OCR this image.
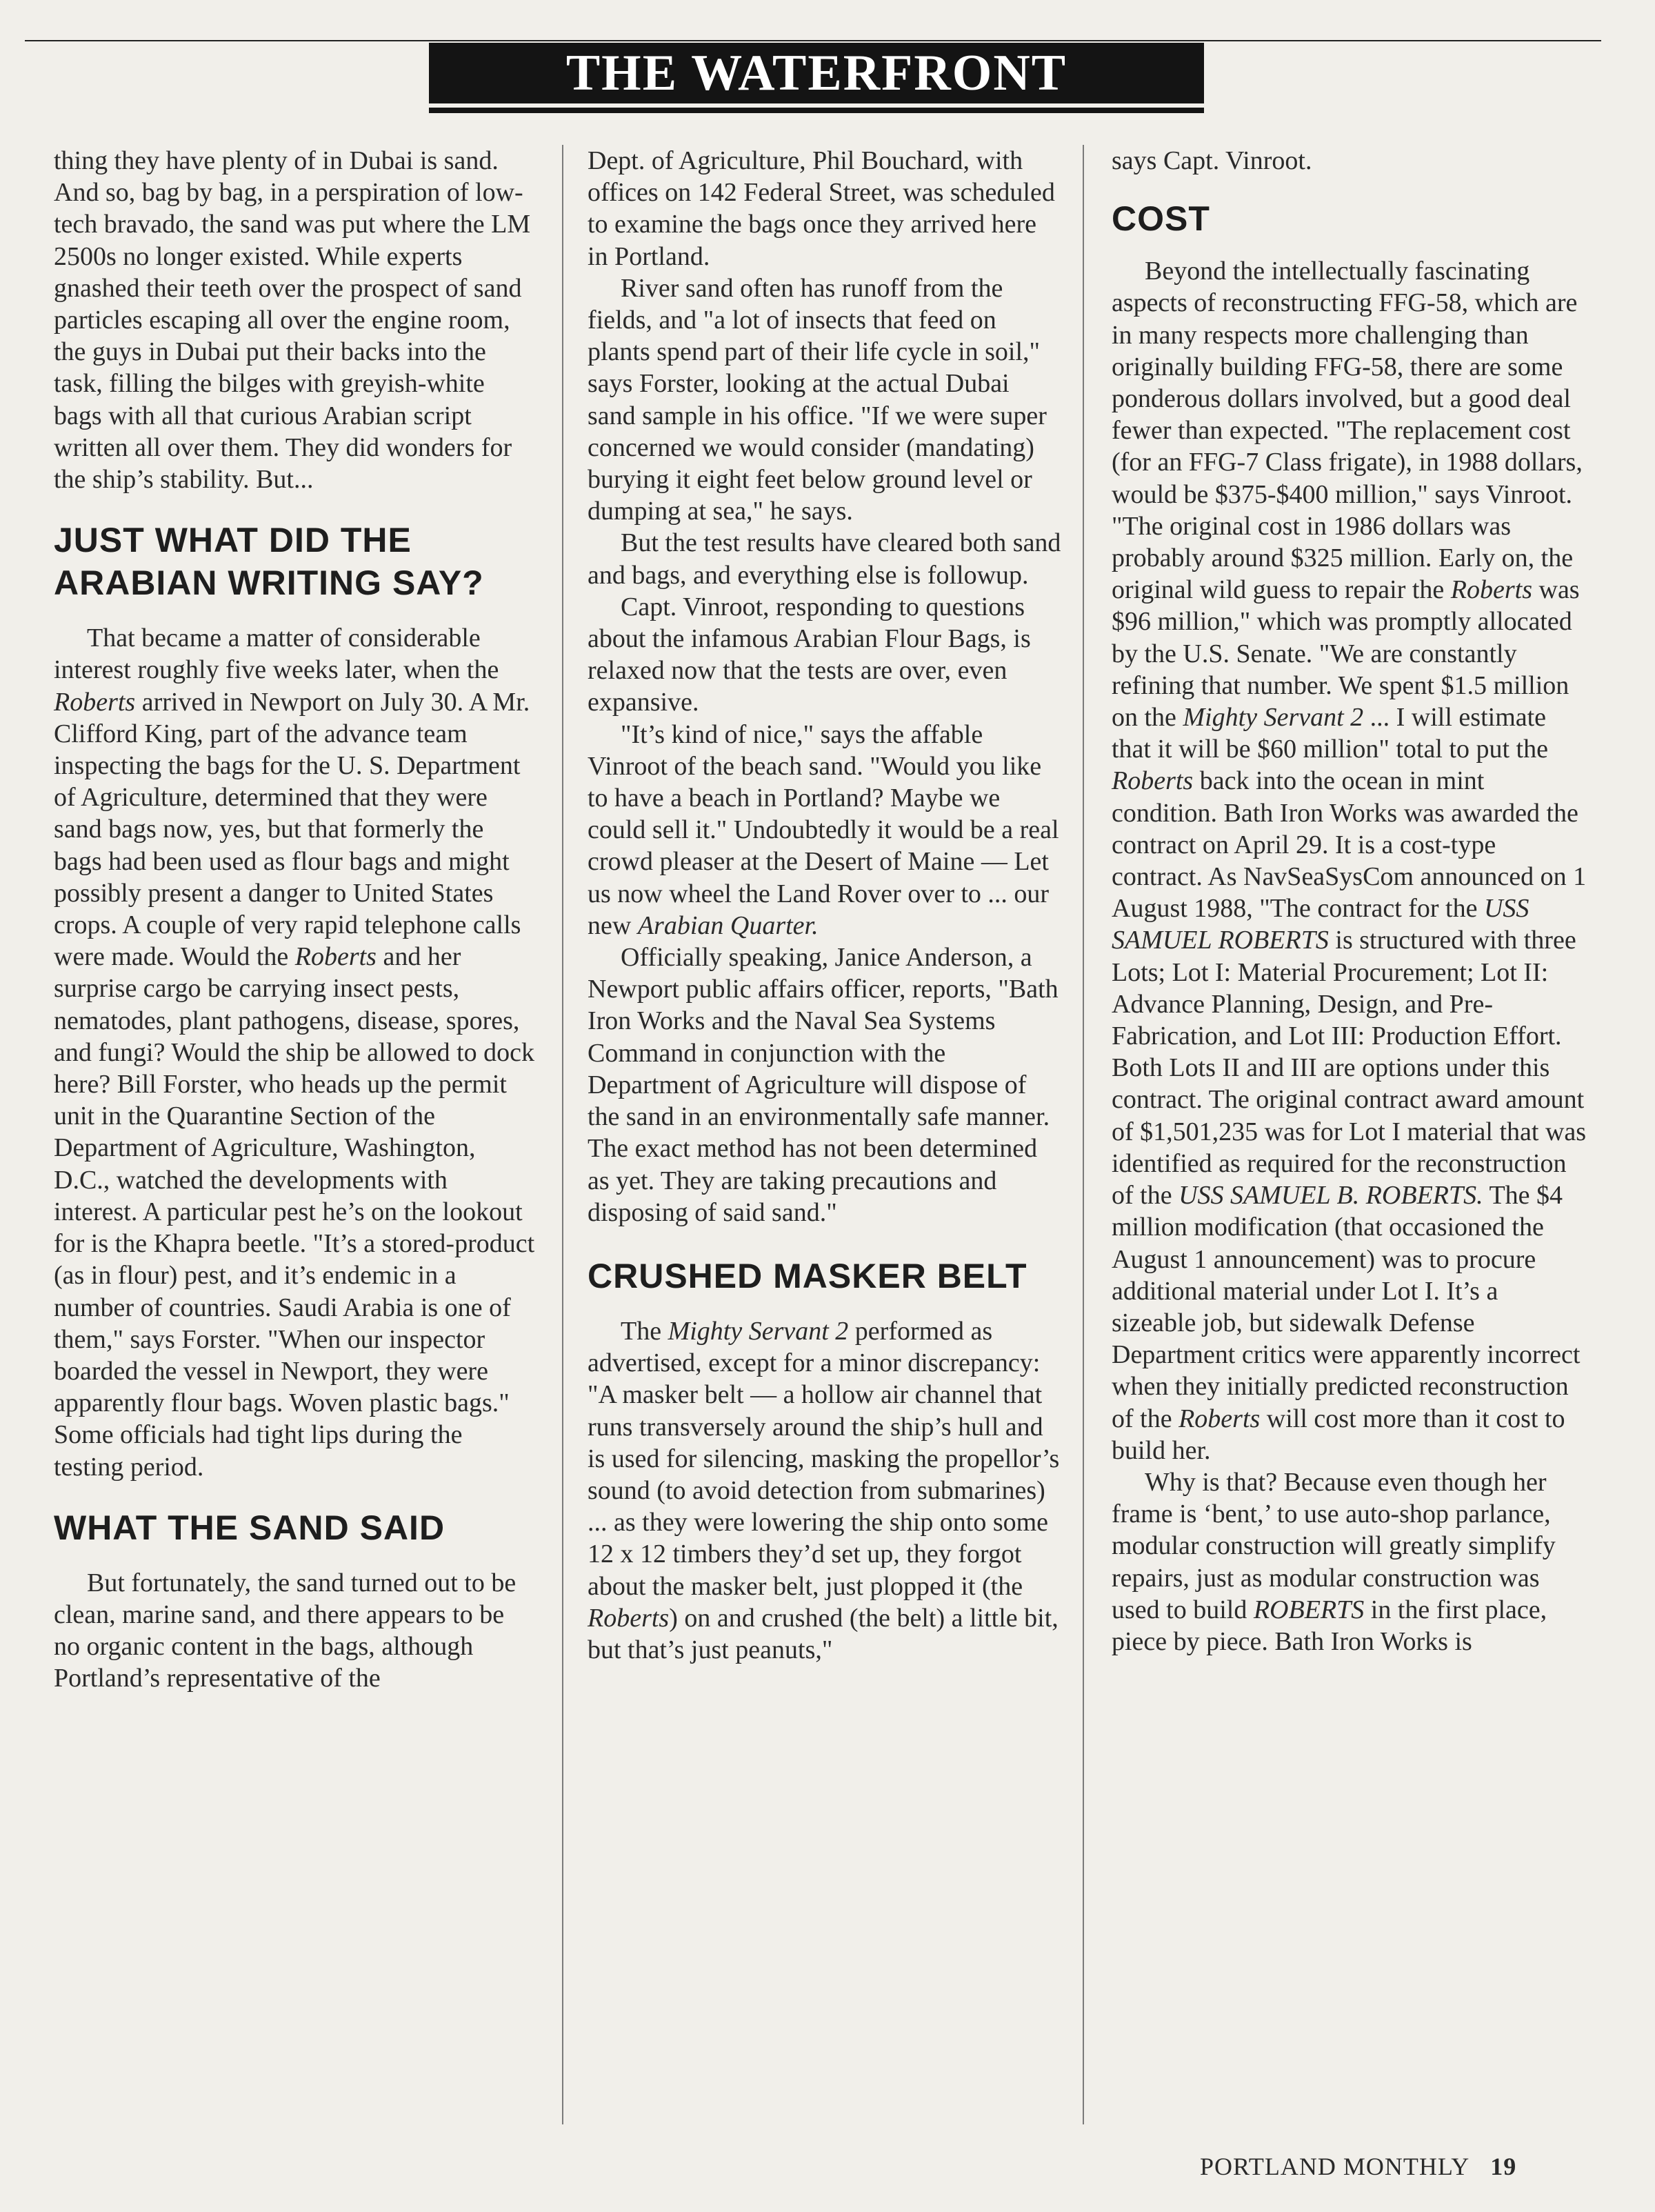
THE WATERFRONT

thing they have plenty of in Dubai is sand. And so, bag by bag, in a perspiration of low-tech bravado, the sand was put where the LM 2500s no longer existed. While experts gnashed their teeth over the prospect of sand particles escaping all over the engine room, the guys in Dubai put their backs into the task, filling the bilges with greyish-white bags with all that curious Arabian script written all over them. They did wonders for the ship’s stability. But...

JUST WHAT DID THE ARABIAN WRITING SAY?

That became a matter of considerable interest roughly five weeks later, when the Roberts arrived in Newport on July 30. A Mr. Clifford King, part of the advance team inspecting the bags for the U. S. Department of Agriculture, determined that they were sand bags now, yes, but that formerly the bags had been used as flour bags and might possibly present a danger to United States crops. A couple of very rapid telephone calls were made. Would the Roberts and her surprise cargo be carrying insect pests, nematodes, plant pathogens, disease, spores, and fungi? Would the ship be allowed to dock here? Bill Forster, who heads up the permit unit in the Quarantine Section of the Department of Agriculture, Washington, D.C., watched the developments with interest. A particular pest he’s on the lookout for is the Khapra beetle. "It’s a stored-product (as in flour) pest, and it’s endemic in a number of countries. Saudi Arabia is one of them," says Forster. "When our inspector boarded the vessel in Newport, they were apparently flour bags. Woven plastic bags." Some officials had tight lips during the testing period.

WHAT THE SAND SAID

But fortunately, the sand turned out to be clean, marine sand, and there appears to be no organic content in the bags, although Portland’s representative of the

Dept. of Agriculture, Phil Bouchard, with offices on 142 Federal Street, was scheduled to examine the bags once they arrived here in Portland.

River sand often has runoff from the fields, and "a lot of insects that feed on plants spend part of their life cycle in soil," says Forster, looking at the actual Dubai sand sample in his office. "If we were super concerned we would consider (mandating) burying it eight feet below ground level or dumping at sea," he says.

But the test results have cleared both sand and bags, and everything else is followup.

Capt. Vinroot, responding to questions about the infamous Arabian Flour Bags, is relaxed now that the tests are over, even expansive.

"It’s kind of nice," says the affable Vinroot of the beach sand. "Would you like to have a beach in Portland? Maybe we could sell it." Undoubtedly it would be a real crowd pleaser at the Desert of Maine — Let us now wheel the Land Rover over to ... our new Arabian Quarter.

Officially speaking, Janice Anderson, a Newport public affairs officer, reports, "Bath Iron Works and the Naval Sea Systems Command in conjunction with the Department of Agriculture will dispose of the sand in an environmentally safe manner. The exact method has not been determined as yet. They are taking precautions and disposing of said sand."

CRUSHED MASKER BELT

The Mighty Servant 2 performed as advertised, except for a minor discrepancy: "A masker belt — a hollow air channel that runs transversely around the ship’s hull and is used for silencing, masking the propellor’s sound (to avoid detection from submarines) ... as they were lowering the ship onto some 12 x 12 timbers they’d set up, they forgot about the masker belt, just plopped it (the Roberts) on and crushed (the belt) a little bit, but that’s just peanuts,"

says Capt. Vinroot.

COST

Beyond the intellectually fascinating aspects of reconstructing FFG-58, which are in many respects more challenging than originally building FFG-58, there are some ponderous dollars involved, but a good deal fewer than expected. "The replacement cost (for an FFG-7 Class frigate), in 1988 dollars, would be $375-$400 million," says Vinroot. "The original cost in 1986 dollars was probably around $325 million. Early on, the original wild guess to repair the Roberts was $96 million," which was promptly allocated by the U.S. Senate. "We are constantly refining that number. We spent $1.5 million on the Mighty Servant 2 ... I will estimate that it will be $60 million" total to put the Roberts back into the ocean in mint condition. Bath Iron Works was awarded the contract on April 29. It is a cost-type contract. As NavSeaSysCom announced on 1 August 1988, "The contract for the USS SAMUEL ROBERTS is structured with three Lots; Lot I: Material Procurement; Lot II: Advance Planning, Design, and Pre-Fabrication, and Lot III: Production Effort. Both Lots II and III are options under this contract. The original contract award amount of $1,501,235 was for Lot I material that was identified as required for the reconstruction of the USS SAMUEL B. ROBERTS. The $4 million modification (that occasioned the August 1 announcement) was to procure additional material under Lot I. It’s a sizeable job, but sidewalk Defense Department critics were apparently incorrect when they initially predicted reconstruction of the Roberts will cost more than it cost to build her.

Why is that? Because even though her frame is ‘bent,’ to use auto-shop parlance, modular construction will greatly simplify repairs, just as modular construction was used to build ROBERTS in the first place, piece by piece. Bath Iron Works is

PORTLAND MONTHLY 19
